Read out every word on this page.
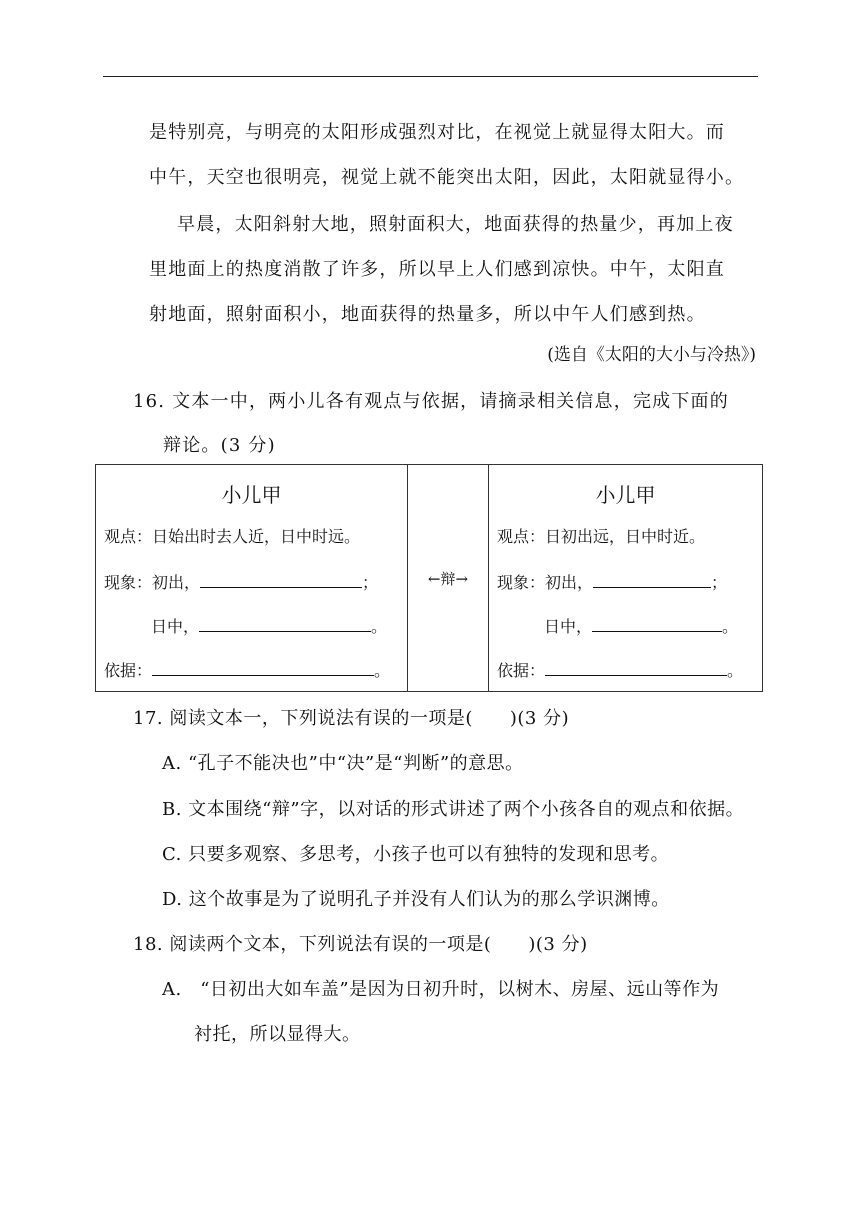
是特别亮，与明亮的太阳形成强烈对比，在视觉上就显得太阳大。而
中午，天空也很明亮，视觉上就不能突出太阳，因此，太阳就显得小。
早晨，太阳斜射大地，照射面积大，地面获得的热量少，再加上夜
里地面上的热度消散了许多，所以早上人们感到凉快。中午，太阳直
射地面，照射面积小，地面获得的热量多，所以中午人们感到热。
(选自《太阳的大小与冷热》)
16. 文本一中，两小儿各有观点与依据，请摘录相关信息，完成下面的
辩论。(3 分)
小儿甲
观点：日始出时去人近，日中时远。
现象：初出，	；
日中，	。
依据：	。
	←辩→	
小儿甲
观点：日初出远，日中时近。
现象：初出，	；
日中，	。
依据：	。
17. 阅读文本一，下列说法有误的一项是(　　)(3 分)
A. “孔子不能决也”中“决”是“判断”的意思。
B. 文本围绕“辩”字，以对话的形式讲述了两个小孩各自的观点和依据。
C. 只要多观察、多思考，小孩子也可以有独特的发现和思考。
D. 这个故事是为了说明孔子并没有人们认为的那么学识渊博。
18. 阅读两个文本，下列说法有误的一项是(　　)(3 分)
A.　“日初出大如车盖”是因为日初升时，以树木、房屋、远山等作为
衬托，所以显得大。
